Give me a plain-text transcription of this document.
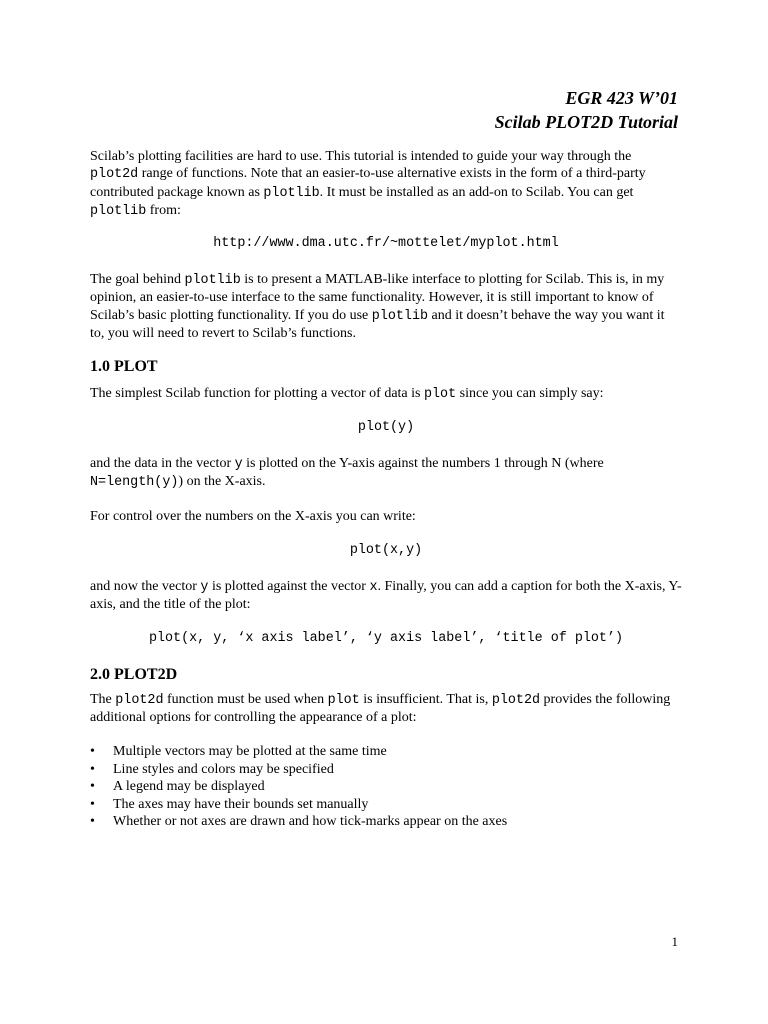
EGR 423 W’01
Scilab PLOT2D Tutorial
Scilab’s plotting facilities are hard to use. This tutorial is intended to guide your way through the plot2d range of functions. Note that an easier-to-use alternative exists in the form of a third-party contributed package known as plotlib. It must be installed as an add-on to Scilab. You can get plotlib from:
http://www.dma.utc.fr/~mottelet/myplot.html
The goal behind plotlib is to present a MATLAB-like interface to plotting for Scilab. This is, in my opinion, an easier-to-use interface to the same functionality. However, it is still important to know of Scilab’s basic plotting functionality. If you do use plotlib and it doesn’t behave the way you want it to, you will need to revert to Scilab’s functions.
1.0 PLOT
The simplest Scilab function for plotting a vector of data is plot since you can simply say:
plot(y)
and the data in the vector y is plotted on the Y-axis against the numbers 1 through N (where N=length(y)) on the X-axis.
For control over the numbers on the X-axis you can write:
plot(x,y)
and now the vector y is plotted against the vector x. Finally, you can add a caption for both the X-axis, Y-axis, and the title of the plot:
plot(x, y, ‘x axis label’, ‘y axis label’, ‘title of plot’)
2.0 PLOT2D
The plot2d function must be used when plot is insufficient. That is, plot2d provides the following additional options for controlling the appearance of a plot:
• Multiple vectors may be plotted at the same time
• Line styles and colors may be specified
• A legend may be displayed
• The axes may have their bounds set manually
• Whether or not axes are drawn and how tick-marks appear on the axes
1
